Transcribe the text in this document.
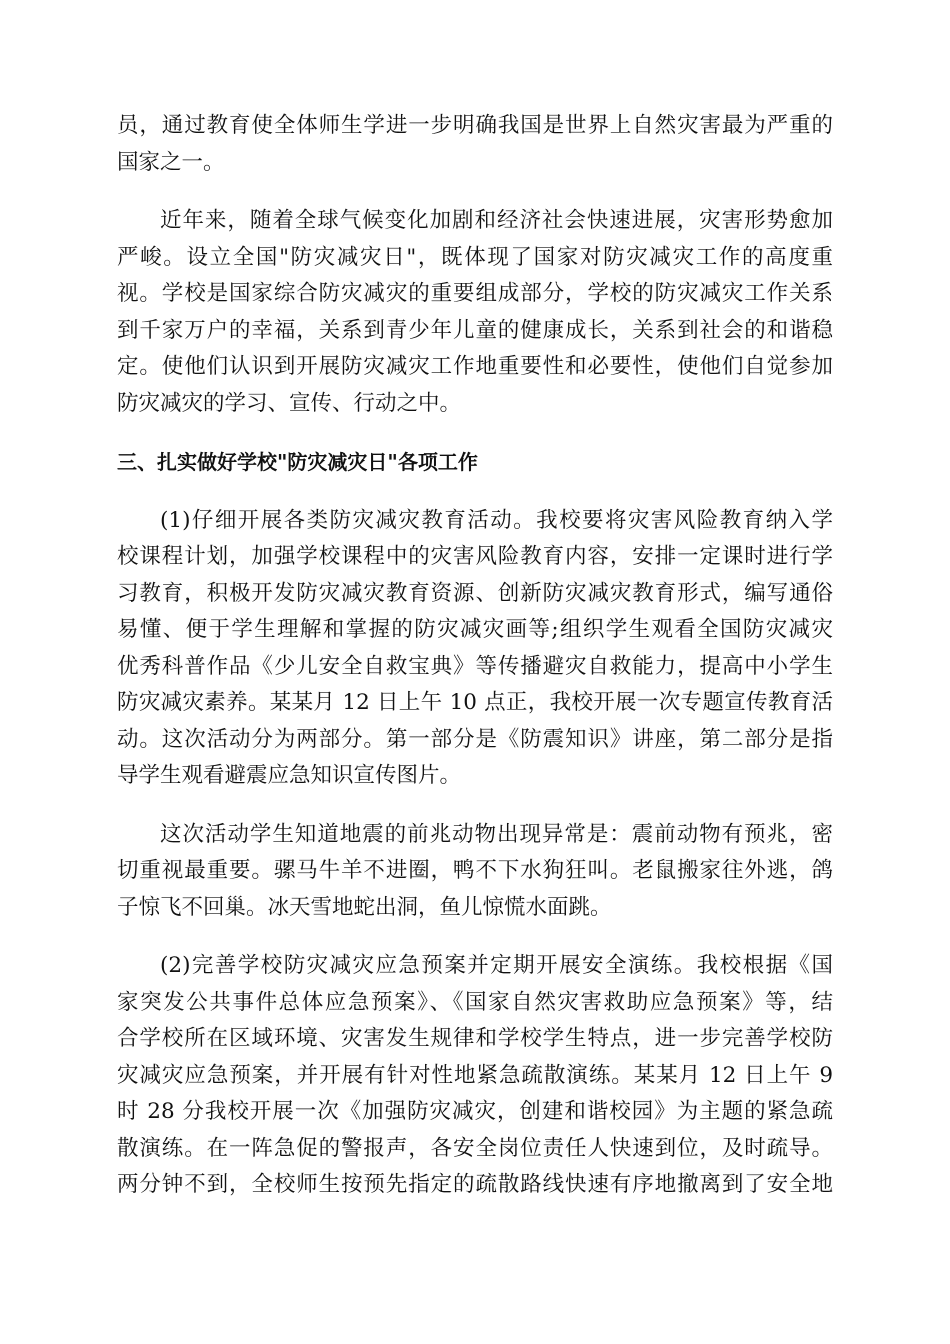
员，通过教育使全体师生学进一步明确我国是世界上自然灾害最为严重的
国家之一。
近年来，随着全球气候变化加剧和经济社会快速进展，灾害形势愈加
严峻。设立全国"防灾减灾日"，既体现了国家对防灾减灾工作的高度重
视。学校是国家综合防灾减灾的重要组成部分，学校的防灾减灾工作关系
到千家万户的幸福，关系到青少年儿童的健康成长，关系到社会的和谐稳
定。使他们认识到开展防灾减灾工作地重要性和必要性，使他们自觉参加
防灾减灾的学习、宣传、行动之中。
三、扎实做好学校"防灾减灾日"各项工作
(1)仔细开展各类防灾减灾教育活动。我校要将灾害风险教育纳入学
校课程计划，加强学校课程中的灾害风险教育内容，安排一定课时进行学
习教育，积极开发防灾减灾教育资源、创新防灾减灾教育形式，编写通俗
易懂、便于学生理解和掌握的防灾减灾画等;组织学生观看全国防灾减灾
优秀科普作品《少儿安全自救宝典》等传播避灾自救能力，提高中小学生
防灾减灾素养。某某月 12 日上午 10 点正，我校开展一次专题宣传教育活
动。这次活动分为两部分。第一部分是《防震知识》讲座，第二部分是指
导学生观看避震应急知识宣传图片。
这次活动学生知道地震的前兆动物出现异常是：震前动物有预兆，密
切重视最重要。骡马牛羊不进圈，鸭不下水狗狂叫。老鼠搬家往外逃，鸽
子惊飞不回巢。冰天雪地蛇出洞，鱼儿惊慌水面跳。
(2)完善学校防灾减灾应急预案并定期开展安全演练。我校根据《国
家突发公共事件总体应急预案》、《国家自然灾害救助应急预案》等，结
合学校所在区域环境、灾害发生规律和学校学生特点，进一步完善学校防
灾减灾应急预案，并开展有针对性地紧急疏散演练。某某月 12 日上午 9
时 28 分我校开展一次《加强防灾减灾，创建和谐校园》为主题的紧急疏
散演练。在一阵急促的警报声，各安全岗位责任人快速到位，及时疏导。
两分钟不到，全校师生按预先指定的疏散路线快速有序地撤离到了安全地
